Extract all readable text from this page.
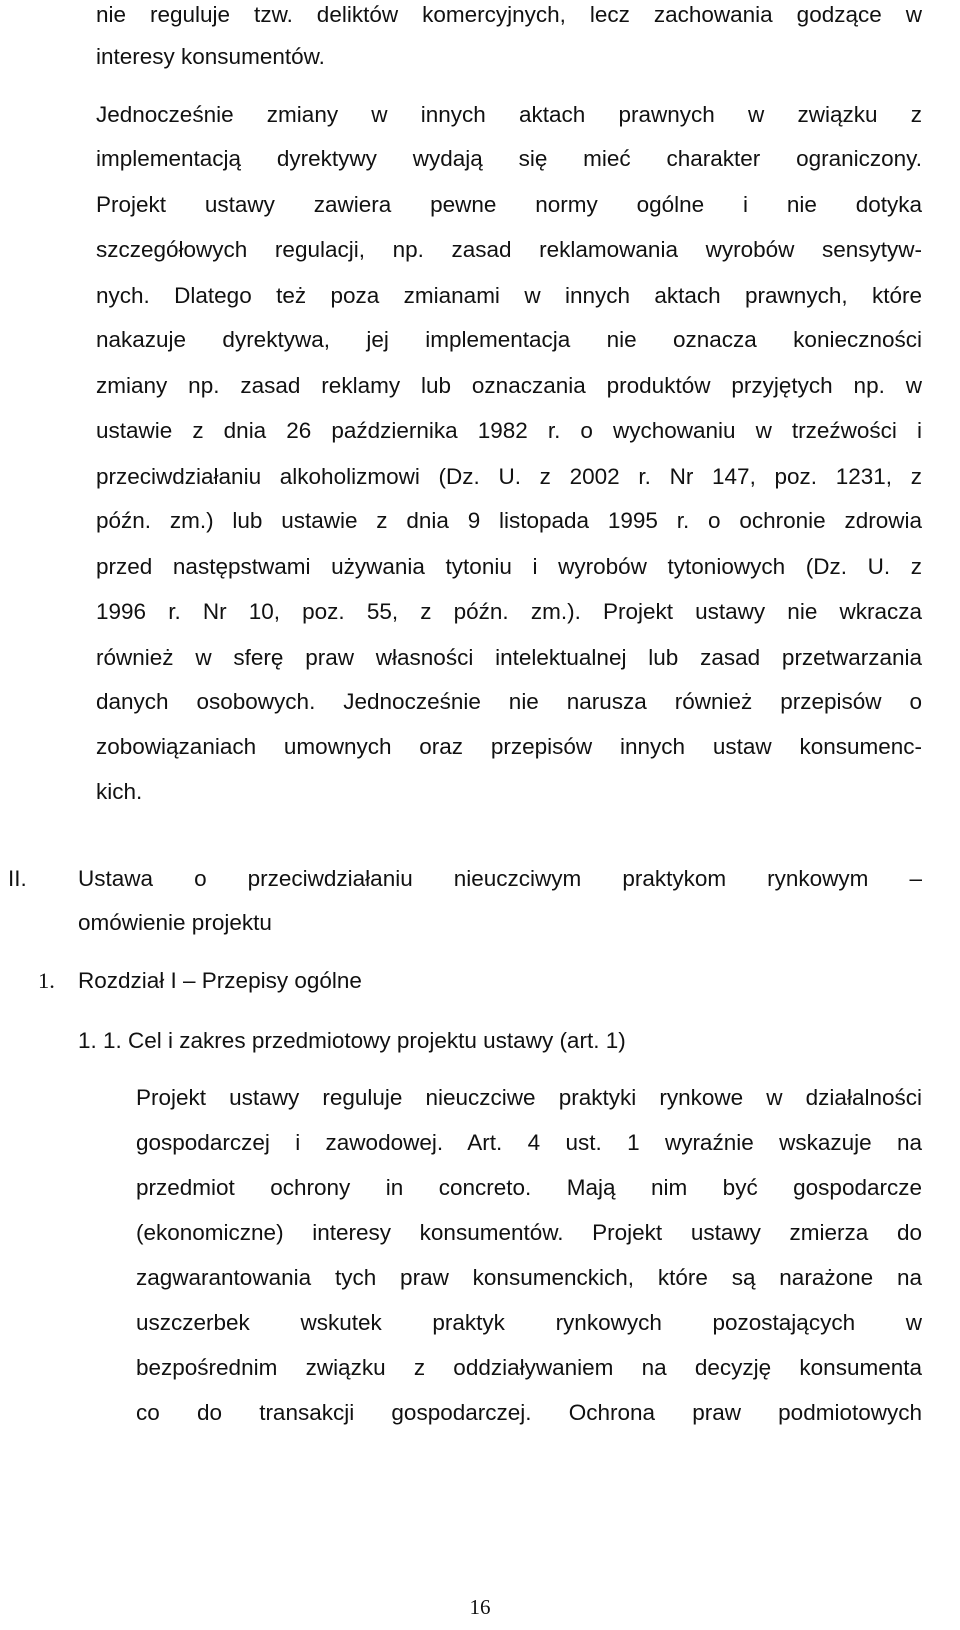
nie reguluje tzw. deliktów komercyjnych, lecz zachowania godzące w
interesy konsumentów.
Jednocześnie zmiany w innych aktach prawnych w związku z
implementacją dyrektywy wydają się mieć charakter ograniczony.
Projekt ustawy zawiera pewne normy ogólne i nie dotyka
szczegółowych regulacji, np. zasad reklamowania wyrobów sensytyw-
nych. Dlatego też poza zmianami w innych aktach prawnych, które
nakazuje dyrektywa, jej implementacja nie oznacza konieczności
zmiany np. zasad reklamy lub oznaczania produktów przyjętych np. w
ustawie z dnia 26 października 1982 r. o wychowaniu w trzeźwości i
przeciwdziałaniu alkoholizmowi (Dz. U. z 2002 r. Nr 147, poz. 1231, z
późn. zm.) lub ustawie z dnia 9 listopada 1995 r. o ochronie zdrowia
przed następstwami używania tytoniu i wyrobów tytoniowych (Dz. U. z
1996 r. Nr 10, poz. 55, z późn. zm.). Projekt ustawy nie wkracza
również w sferę praw własności intelektualnej lub zasad przetwarzania
danych osobowych. Jednocześnie nie narusza również przepisów o
zobowiązaniach umownych oraz przepisów innych ustaw konsumenc-
kich.
II. Ustawa o przeciwdziałaniu nieuczciwym praktykom rynkowym –
omówienie projektu
1. Rozdział I – Przepisy ogólne
1. 1. Cel i zakres przedmiotowy projektu ustawy (art. 1)
Projekt ustawy reguluje nieuczciwe praktyki rynkowe w działalności
gospodarczej i zawodowej. Art. 4 ust. 1 wyraźnie wskazuje na
przedmiot ochrony in concreto. Mają nim być gospodarcze
(ekonomiczne) interesy konsumentów. Projekt ustawy zmierza do
zagwarantowania tych praw konsumenckich, które są narażone na
uszczerbek wskutek praktyk rynkowych pozostających w
bezpośrednim związku z oddziaływaniem na decyzję konsumenta
co do transakcji gospodarczej. Ochrona praw podmiotowych
16
